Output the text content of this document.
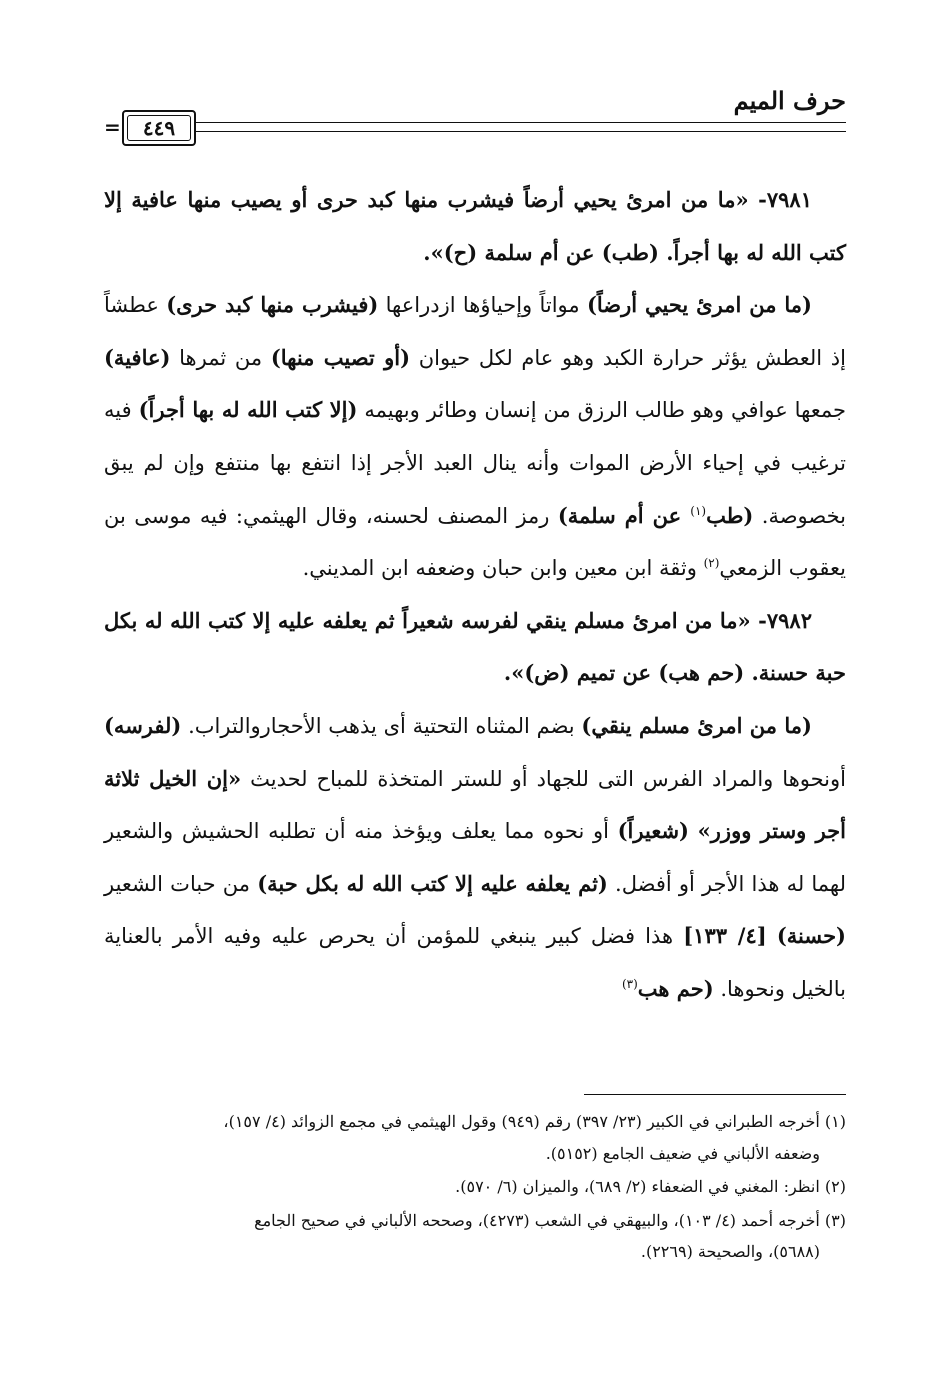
حرف الميم
٤٤٩
=

٧٩٨١- «ما من امرئ يحيي أرضاً فيشرب منها كبد حرى أو يصيب منها عافية إلا كتب الله له بها أجراً. (طب) عن أم سلمة (ح)».

(ما من امرئ يحيي أرضاً) مواتاً وإحياؤها ازدراعها (فيشرب منها كبد حرى) عطشاً إذ العطش يؤثر حرارة الكبد وهو عام لكل حيوان (أو تصيب منها) من ثمرها (عافية) جمعها عوافي وهو طالب الرزق من إنسان وطائر وبهيمه (إلا كتب الله له بها أجراً) فيه ترغيب في إحياء الأرض الموات وأنه ينال العبد الأجر إذا انتفع بها منتفع وإن لم يبق بخصوصة. (طب$^{(١)}$ عن أم سلمة) رمز المصنف لحسنه، وقال الهيثمي: فيه موسى بن يعقوب الزمعي$^{(٢)}$ وثقة ابن معين وابن حبان وضعفه ابن المديني.

٧٩٨٢- «ما من امرئ مسلم ينقي لفرسه شعيراً ثم يعلفه عليه إلا كتب الله له بكل حبة حسنة. (حم هب) عن تميم (ض)».

(ما من امرئ مسلم ينقي) بضم المثناه التحتية أى يذهب الأحجاروالتراب. (لفرسه) أونحوها والمراد الفرس التى للجهاد أو للستر المتخذة للمباح لحديث «إن الخيل ثلاثة أجر وستر ووزر» (شعيراً) أو نحوه مما يعلف ويؤخذ منه أن تطلبه الحشيش والشعير لهما له هذا الأجر أو أفضل. (ثم يعلفه عليه إلا كتب الله له بكل حبة) من حبات الشعير (حسنة) [٤/ ١٣٣] هذا فضل كبير ينبغي للمؤمن أن يحرص عليه وفيه الأمر بالعناية بالخيل ونحوها. (حم هب$^{(٣)}$

(١) أخرجه الطبراني في الكبير (٢٣/ ٣٩٧) رقم (٩٤٩) وقول الهيثمي في مجمع الزوائد (٤/ ١٥٧)،
وضعفه الألباني في ضعيف الجامع (٥١٥٢).

(٢) انظر: المغني في الضعفاء (٢/ ٦٨٩)، والميزان (٦/ ٥٧٠).

(٣) أخرجه أحمد (٤/ ١٠٣)، والبيهقي في الشعب (٤٢٧٣)، وصححه الألباني في صحيح الجامع
(٥٦٨٨)، والصحيحة (٢٢٦٩).
